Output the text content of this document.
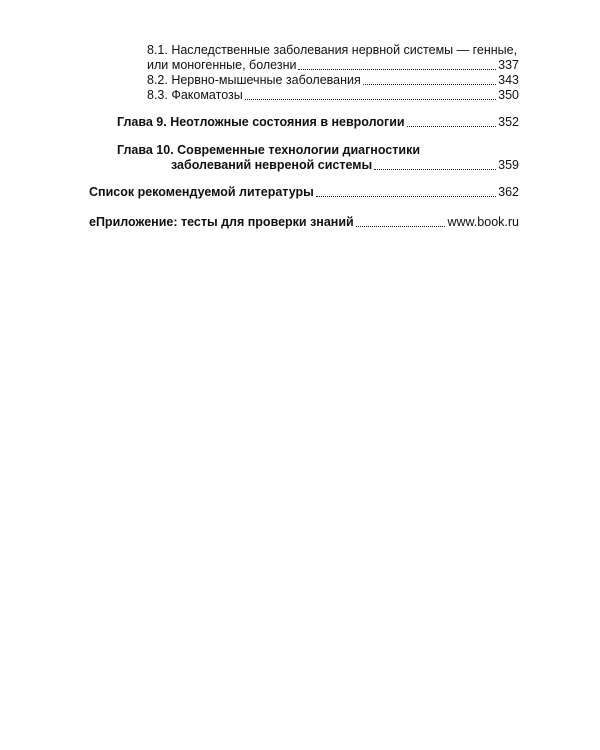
8.1. Наследственные заболевания нервной системы — генные,
или моногенные, болезни	337
8.2. Нервно-мышечные заболевания	343
8.3. Факоматозы	350
Глава 9. Неотложные состояния в неврологии	352
Глава 10. Современные технологии диагностики
заболеваний невреной системы	359
Список рекомендуемой литературы	362
еПриложение: тесты для проверки знаний	www.book.ru
